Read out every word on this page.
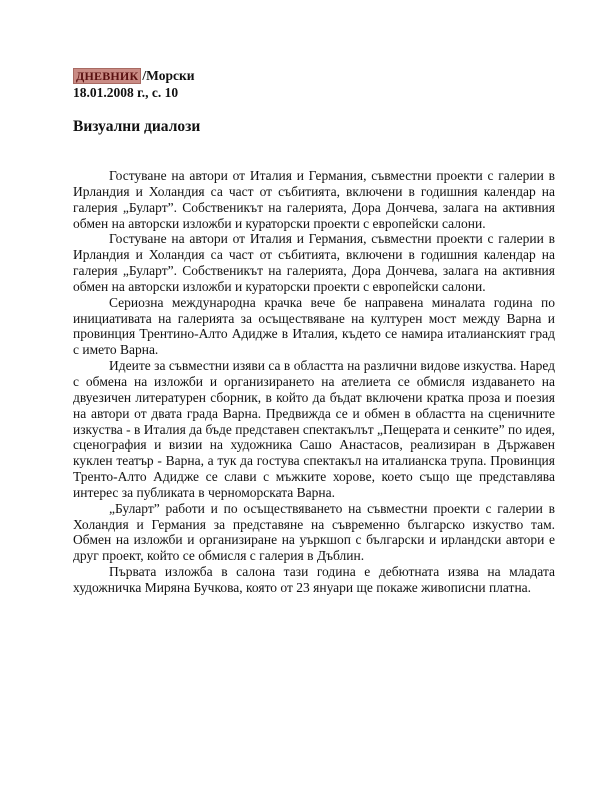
ДНЕВНИК /Морски
18.01.2008 г., с. 10
Визуални диалози

Гостуване на автори от Италия и Германия, съвместни проекти с галерии в Ирландия и Холандия са част от събитията, включени в годишния календар на галерия „Буларт”. Собственикът на галерията, Дора Дончева, залага на активния обмен на авторски изложби и кураторски проекти с европейски салони.

Гостуване на автори от Италия и Германия, съвместни проекти с галерии в Ирландия и Холандия са част от събитията, включени в годишния календар на галерия „Буларт”. Собственикът на галерията, Дора Дончева, залага на активния обмен на авторски изложби и кураторски проекти с европейски салони.

Сериозна международна крачка вече бе направена миналата година по инициативата на галерията за осъществяване на културен мост между Варна и провинция Трентино-Алто Адидже в Италия, където се намира италианският град с името Варна.

Идеите за съвместни изяви са в областта на различни видове изкуства. Наред с обмена на изложби и организирането на ателиета се обмисля издаването на двуезичен литературен сборник, в който да бъдат включени кратка проза и поезия на автори от двата града Варна. Предвижда се и обмен в областта на сценичните изкуства - в Италия да бъде представен спектакълът „Пещерата и сенките” по идея, сценография и визии на художника Сашо Анастасов, реализиран в Държавен куклен театър - Варна, а тук да гостува спектакъл на италианска трупа. Провинция Тренто-Алто Адидже се слави с мъжките хорове, което също ще представлява интерес за публиката в черноморската Варна.

„Буларт” работи и по осъществяването на съвместни проекти с галерии в Холандия и Германия за представяне на съвременно българско изкуство там. Обмен на изложби и организиране на уъркшоп с български и ирландски автори е друг проект, който се обмисля с галерия в Дъблин.

Първата изложба в салона тази година е дебютната изява на младата художничка Миряна Бучкова, която от 23 януари ще покаже живописни платна.
